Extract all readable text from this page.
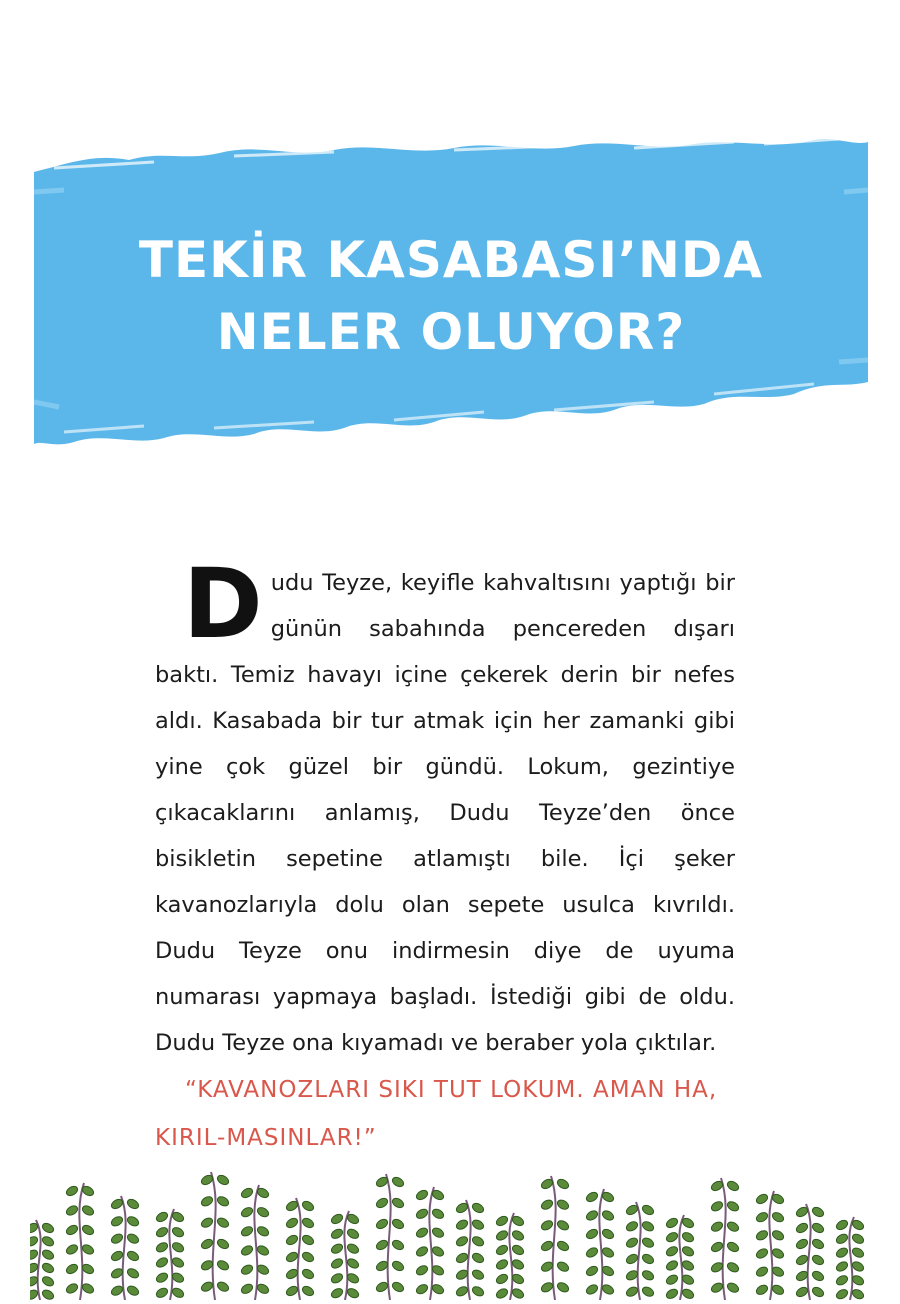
TEKİR KASABASI’NDA
NELER OLUYOR?
Dudu Teyze, keyifle kahvaltısını yaptığı bir günün sabahında pencereden dışarı baktı. Temiz havayı içine çekerek derin bir nefes aldı. Kasabada bir tur atmak için her zamanki gibi yine çok güzel bir gündü. Lokum, gezintiye çıkacaklarını anlamış, Dudu Teyze’den önce bisikletin sepetine atlamıştı bile. İçi şeker kavanozlarıyla dolu olan sepete usulca kıvrıldı. Dudu Teyze onu indirmesin diye de uyuma numarası yapmaya başladı. İstediği gibi de oldu. Dudu Teyze ona kıyamadı ve beraber yola çıktılar.
“KAVANOZLARI SIKI TUT LOKUM. AMAN HA, KIRIL-MASINLAR!”
